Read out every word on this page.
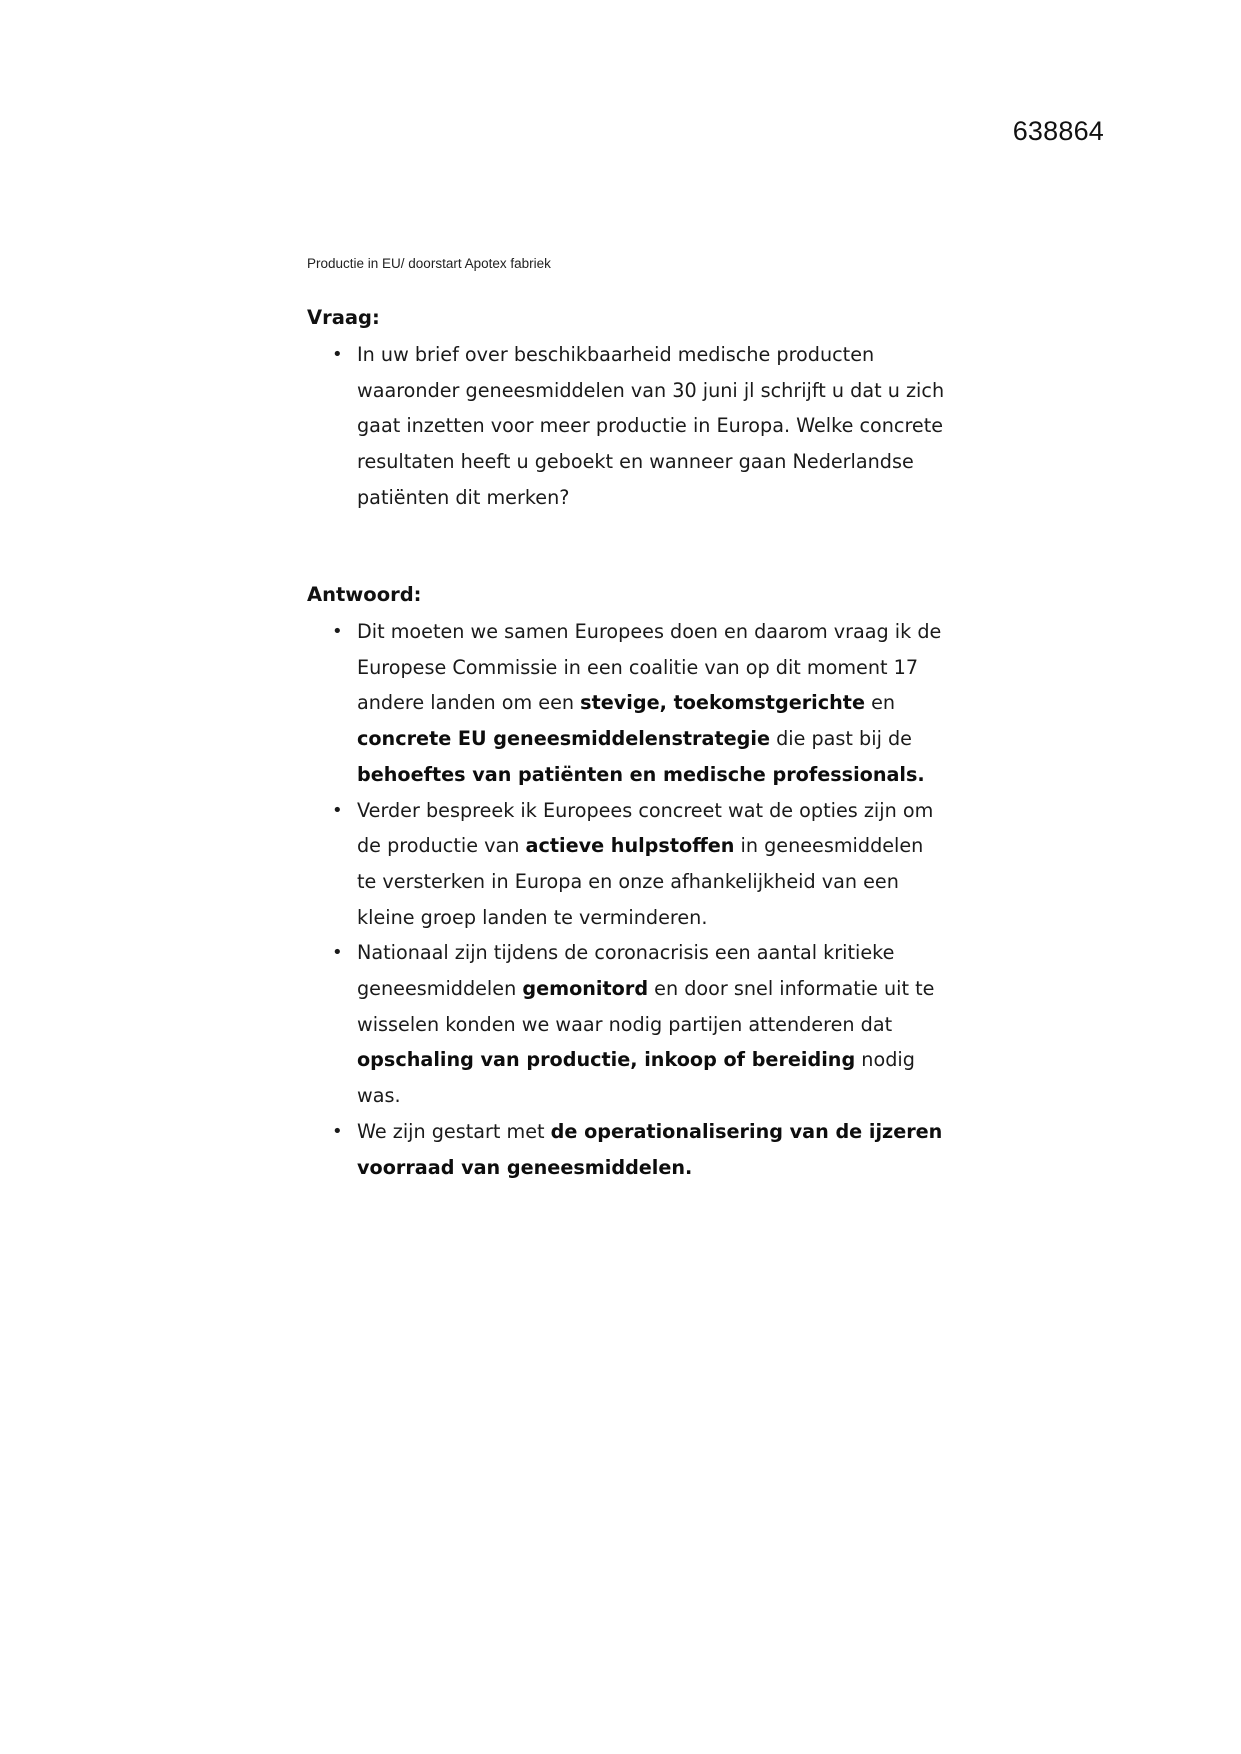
638864
Productie in EU/ doorstart Apotex fabriek

Vraag:

• In uw brief over beschikbaarheid medische producten waaronder geneesmiddelen van 30 juni jl schrijft u dat u zich gaat inzetten voor meer productie in Europa. Welke concrete resultaten heeft u geboekt en wanneer gaan Nederlandse patiënten dit merken?

Antwoord:

• Dit moeten we samen Europees doen en daarom vraag ik de Europese Commissie in een coalitie van op dit moment 17 andere landen om een stevige, toekomstgerichte en concrete EU geneesmiddelenstrategie die past bij de behoeftes van patiënten en medische professionals.
• Verder bespreek ik Europees concreet wat de opties zijn om de productie van actieve hulpstoffen in geneesmiddelen te versterken in Europa en onze afhankelijkheid van een kleine groep landen te verminderen.
• Nationaal zijn tijdens de coronacrisis een aantal kritieke geneesmiddelen gemonitord en door snel informatie uit te wisselen konden we waar nodig partijen attenderen dat opschaling van productie, inkoop of bereiding nodig was.
• We zijn gestart met de operationalisering van de ijzeren voorraad van geneesmiddelen.
